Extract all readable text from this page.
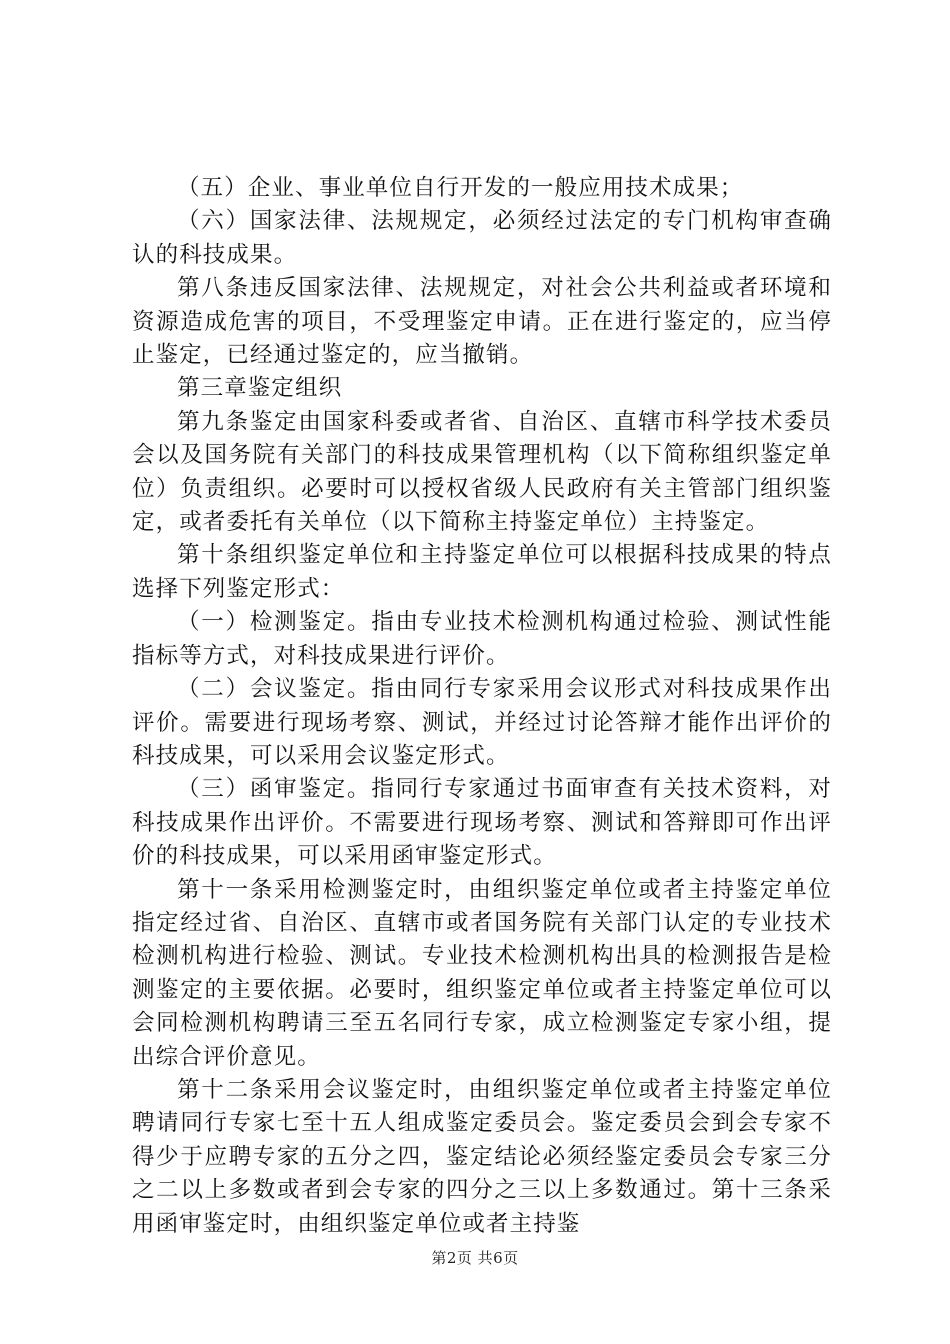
（五）企业、事业单位自行开发的一般应用技术成果；

（六）国家法律、法规规定，必须经过法定的专门机构审查确认的科技成果。

第八条违反国家法律、法规规定，对社会公共利益或者环境和资源造成危害的项目，不受理鉴定申请。正在进行鉴定的，应当停止鉴定，已经通过鉴定的，应当撤销。

第三章鉴定组织

第九条鉴定由国家科委或者省、自治区、直辖市科学技术委员会以及国务院有关部门的科技成果管理机构（以下简称组织鉴定单位）负责组织。必要时可以授权省级人民政府有关主管部门组织鉴定，或者委托有关单位（以下简称主持鉴定单位）主持鉴定。

第十条组织鉴定单位和主持鉴定单位可以根据科技成果的特点选择下列鉴定形式：

（一）检测鉴定。指由专业技术检测机构通过检验、测试性能指标等方式，对科技成果进行评价。

（二）会议鉴定。指由同行专家采用会议形式对科技成果作出评价。需要进行现场考察、测试，并经过讨论答辩才能作出评价的科技成果，可以采用会议鉴定形式。

（三）函审鉴定。指同行专家通过书面审查有关技术资料，对科技成果作出评价。不需要进行现场考察、测试和答辩即可作出评价的科技成果，可以采用函审鉴定形式。

第十一条采用检测鉴定时，由组织鉴定单位或者主持鉴定单位指定经过省、自治区、直辖市或者国务院有关部门认定的专业技术检测机构进行检验、测试。专业技术检测机构出具的检测报告是检测鉴定的主要依据。必要时，组织鉴定单位或者主持鉴定单位可以会同检测机构聘请三至五名同行专家，成立检测鉴定专家小组，提出综合评价意见。

第十二条采用会议鉴定时，由组织鉴定单位或者主持鉴定单位聘请同行专家七至十五人组成鉴定委员会。鉴定委员会到会专家不得少于应聘专家的五分之四，鉴定结论必须经鉴定委员会专家三分之二以上多数或者到会专家的四分之三以上多数通过。第十三条采用函审鉴定时，由组织鉴定单位或者主持鉴

第2页 共6页
